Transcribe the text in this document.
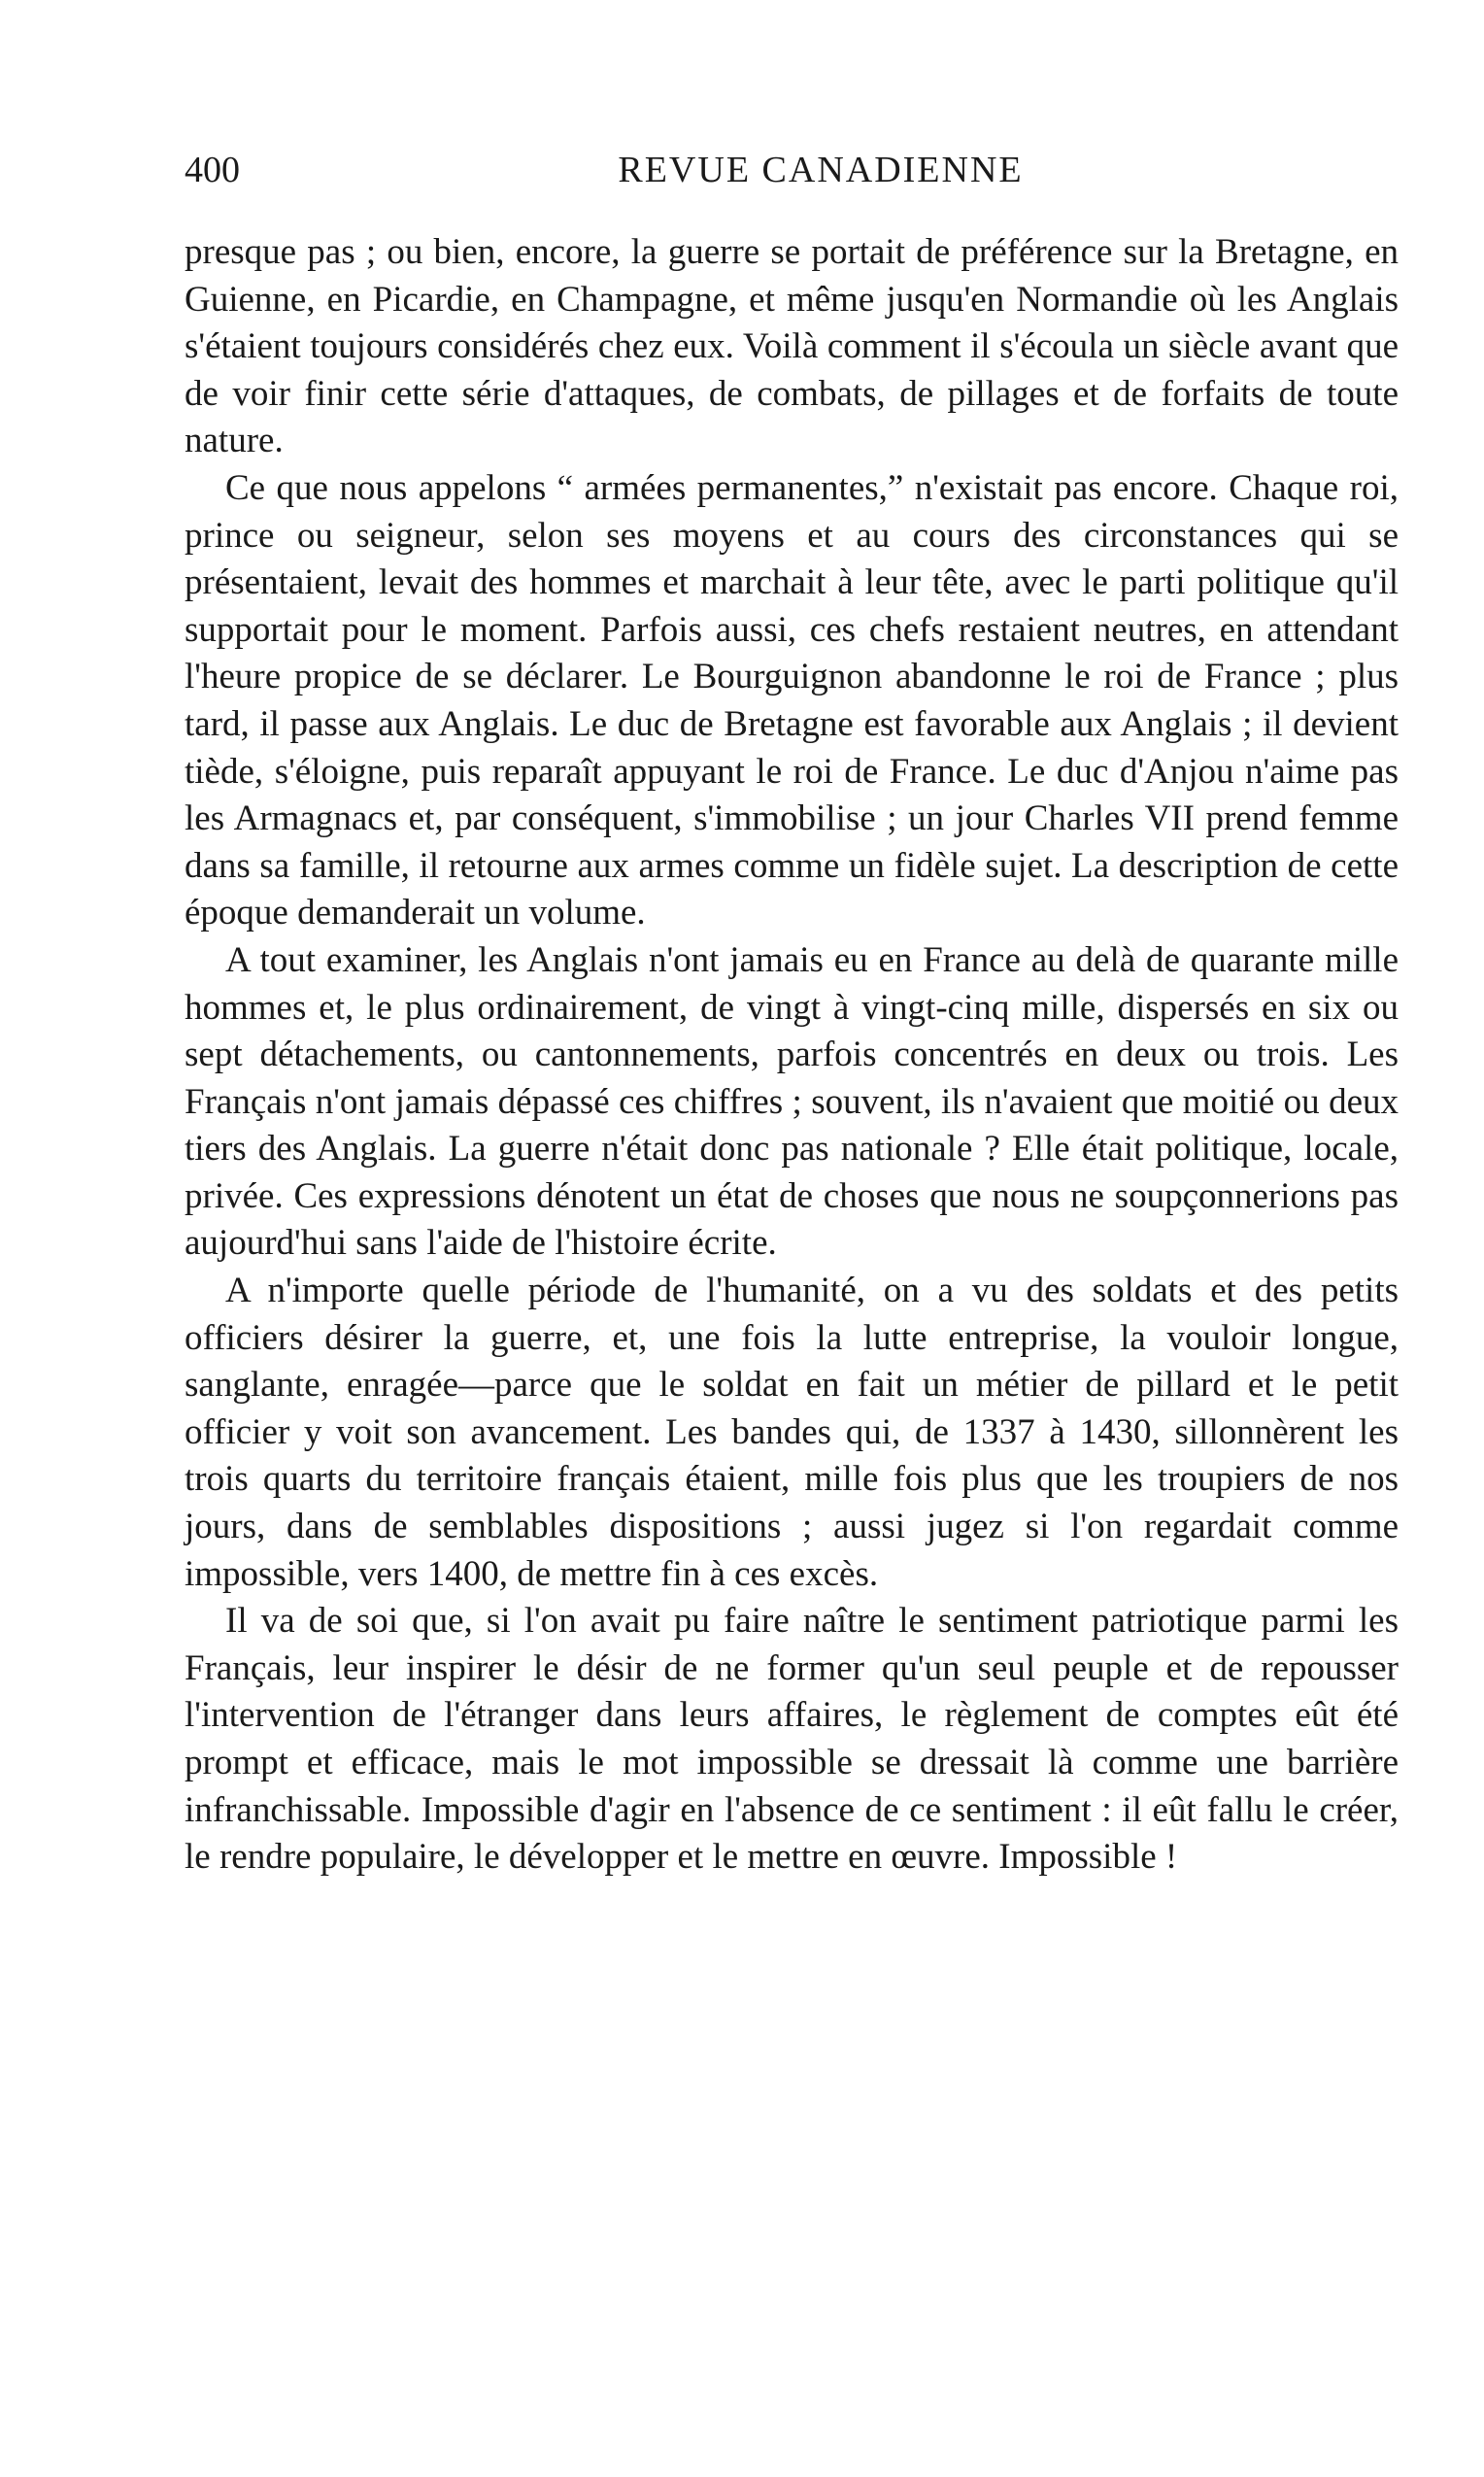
400	REVUE CANADIENNE

presque pas ; ou bien, encore, la guerre se portait de préférence sur la Bretagne, en Guienne, en Picardie, en Champagne, et même jusqu'en Normandie où les Anglais s'étaient toujours considérés chez eux. Voilà comment il s'écoula un siècle avant que de voir finir cette série d'attaques, de combats, de pillages et de forfaits de toute nature.

Ce que nous appelons “ armées permanentes,” n'existait pas encore. Chaque roi, prince ou seigneur, selon ses moyens et au cours des circonstances qui se présentaient, levait des hommes et marchait à leur tête, avec le parti politique qu'il supportait pour le moment. Parfois aussi, ces chefs restaient neutres, en attendant l'heure propice de se déclarer. Le Bourguignon abandonne le roi de France ; plus tard, il passe aux Anglais. Le duc de Bretagne est favorable aux Anglais ; il devient tiède, s'éloigne, puis reparaît appuyant le roi de France. Le duc d'Anjou n'aime pas les Armagnacs et, par conséquent, s'immobilise ; un jour Charles VII prend femme dans sa famille, il retourne aux armes comme un fidèle sujet. La description de cette époque demanderait un volume.

A tout examiner, les Anglais n'ont jamais eu en France au delà de quarante mille hommes et, le plus ordinairement, de vingt à vingt-cinq mille, dispersés en six ou sept détachements, ou cantonnements, parfois concentrés en deux ou trois. Les Français n'ont jamais dépassé ces chiffres ; souvent, ils n'avaient que moitié ou deux tiers des Anglais. La guerre n'était donc pas nationale ? Elle était politique, locale, privée. Ces expressions dénotent un état de choses que nous ne soupçonnerions pas aujourd'hui sans l'aide de l'histoire écrite.

A n'importe quelle période de l'humanité, on a vu des soldats et des petits officiers désirer la guerre, et, une fois la lutte entreprise, la vouloir longue, sanglante, enragée—parce que le soldat en fait un métier de pillard et le petit officier y voit son avancement. Les bandes qui, de 1337 à 1430, sillonnèrent les trois quarts du territoire français étaient, mille fois plus que les troupiers de nos jours, dans de semblables dispositions ; aussi jugez si l'on regardait comme impossible, vers 1400, de mettre fin à ces excès.

Il va de soi que, si l'on avait pu faire naître le sentiment patriotique parmi les Français, leur inspirer le désir de ne former qu'un seul peuple et de repousser l'intervention de l'étranger dans leurs affaires, le règlement de comptes eût été prompt et efficace, mais le mot impossible se dressait là comme une barrière infranchissable. Impossible d'agir en l'absence de ce sentiment : il eût fallu le créer, le rendre populaire, le développer et le mettre en œuvre. Impossible !
